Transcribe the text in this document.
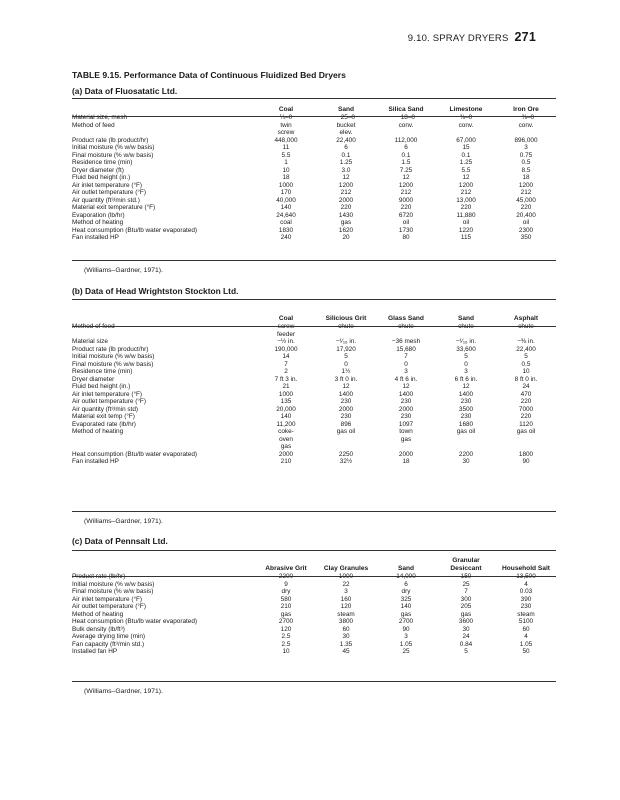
9.10. SPRAY DRYERS 271
TABLE 9.15. Performance Data of Continuous Fluidized Bed Dryers
(a) Data of Fluosatatic Ltd.
	Coal	Sand	Silica Sand	Limestone	Iron Ore
Material size, mesh	¼–0	−25–0	−18–0	⅜–0	−⅜–0
Method of feed	twin	bucket	conv.	conv.	conv.
	screw	elev.			
Product rate (lb product/hr)	448,000	22,400	112,000	67,000	896,000
Initial moisture (% w/w basis)	11	6	6	15	3
Final moisture (% w/w basis)	5.5	0.1	0.1	0.1	0.75
Residence time (min)	1	1.25	1.5	1.25	0.5
Dryer diameter (ft)	10	3.0	7.25	5.5	8.5
Fluid bed height (in.)	18	12	12	12	18
Air inlet temperature (°F)	1000	1200	1200	1200	1200
Air outlet temperature (°F)	170	212	212	212	212
Air quantity (ft³/min std.)	40,000	2000	9000	13,000	45,000
Material exit temperature (°F)	140	220	220	220	220
Evaporation (lb/hr)	24,640	1430	6720	11,880	20,400
Method of heating	coal	gas	oil	oil	oil
Heat consumption (Btu/lb water evaporated)	1830	1620	1730	1220	2300
Fan installed HP	240	20	80	115	350
(Williams–Gardner, 1971).
(b) Data of Head Wrightston Stockton Ltd.
	Coal	Silicious Grit	Glass Sand	Sand	Asphalt
Method of feed	screw	chute	chute	chute	chute
	feeder				
Material size	−½ in.	−¹⁄₁₆ in.	−36 mesh	−¹⁄₁₆ in.	−⅜ in.
Product rate (lb product/hr)	190,000	17,920	15,680	33,600	22,400
Initial moisture (% w/w basis)	14	5	7	5	5
Final moisture (% w/w basis)	7	0	0	0	0.5
Residence time (min)	2	1½	3	3	10
Dryer diameter	7 ft 3 in.	3 ft 0 in.	4 ft 6 in.	6 ft 6 in.	8 ft 0 in.
Fluid bed height (in.)	21	12	12	12	24
Air inlet temperature (°F)	1000	1400	1400	1400	470
Air outlet temperature (°F)	135	230	230	230	220
Air quantity (ft³/min std)	20,000	2000	2000	3500	7000
Material exit temp (°F)	140	230	230	230	220
Evaporated rate (lb/hr)	11,200	896	1097	1680	1120
Method of heating	coke-	gas oil	town	gas oil	gas oil
	oven		gas		
	gas				
Heat consumption (Btu/lb water evaporated)	2000	2250	2000	2200	1800
Fan installed HP	210	32½	18	30	90
(Williams–Gardner, 1971).
(c) Data of Pennsalt Ltd.
	Abrasive Grit	Clay Granules	Sand	Granular Desiccant	Household Salt
Product rate (lb/hr)	2200	1000	14,000	150	13,500
Initial moisture (% w/w basis)	9	22	6	25	4
Final moisture (% w/w basis)	dry	3	dry	7	0.03
Air inlet temperature (°F)	580	160	325	300	390
Air outlet temperature (°F)	210	120	140	205	230
Method of heating	gas	steam	gas	gas	steam
Heat consumption (Btu/lb water evaporated)	2700	3800	2700	3600	5100
Bulk density (lb/ft³)	120	60	90	30	60
Average drying time (min)	2.5	30	3	24	4
Fan capacity (ft³/min std.)	2.5	1.35	1.05	0.84	1.05
Installed fan HP	10	45	25	5	50
(Williams–Gardner, 1971).
